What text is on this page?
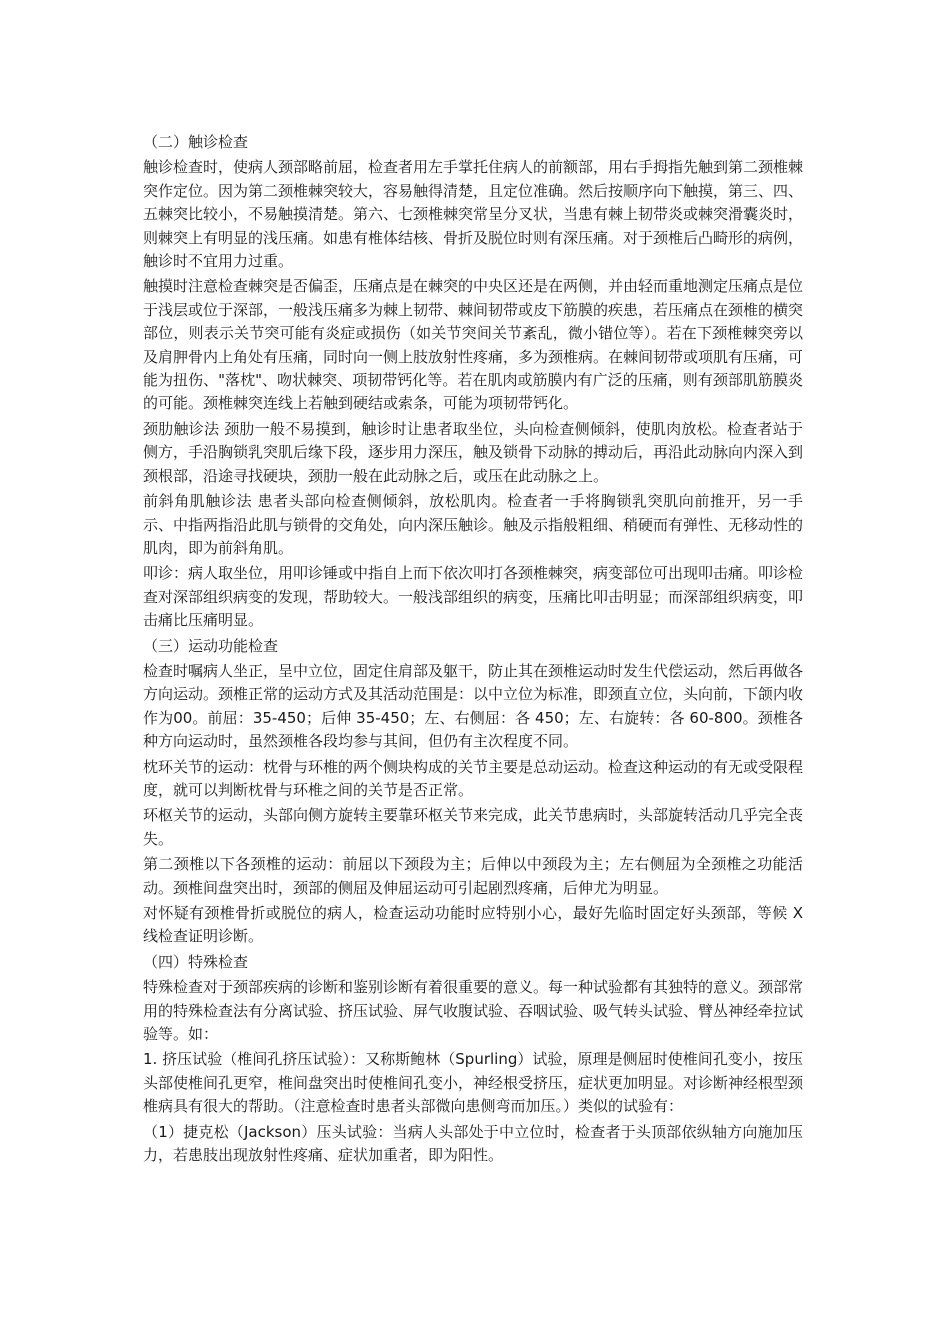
（二）触诊检查

触诊检查时，使病人颈部略前屈，检查者用左手掌托住病人的前额部，用右手拇指先触到第二颈椎棘突作定位。因为第二颈椎棘突较大，容易触得清楚，且定位准确。然后按顺序向下触摸，第三、四、五棘突比较小，不易触摸清楚。第六、七颈椎棘突常呈分叉状，当患有棘上韧带炎或棘突滑囊炎时，则棘突上有明显的浅压痛。如患有椎体结核、骨折及脱位时则有深压痛。对于颈椎后凸畸形的病例，触诊时不宜用力过重。

触摸时注意检查棘突是否偏歪，压痛点是在棘突的中央区还是在两侧，并由轻而重地测定压痛点是位于浅层或位于深部，一般浅压痛多为棘上韧带、棘间韧带或皮下筋膜的疾患，若压痛点在颈椎的横突部位，则表示关节突可能有炎症或损伤（如关节突间关节紊乱，微小错位等）。若在下颈椎棘突旁以及肩胛骨内上角处有压痛，同时向一侧上肢放射性疼痛，多为颈椎病。在棘间韧带或项肌有压痛，可能为扭伤、"落枕"、吻状棘突、项韧带钙化等。若在肌肉或筋膜内有广泛的压痛，则有颈部肌筋膜炎的可能。颈椎棘突连线上若触到硬结或索条，可能为项韧带钙化。

颈肋触诊法 颈肋一般不易摸到，触诊时让患者取坐位，头向检查侧倾斜，使肌肉放松。检查者站于侧方，手沿胸锁乳突肌后缘下段，逐步用力深压，触及锁骨下动脉的搏动后，再沿此动脉向内深入到颈根部，沿途寻找硬块，颈肋一般在此动脉之后，或压在此动脉之上。

前斜角肌触诊法 患者头部向检查侧倾斜，放松肌肉。检查者一手将胸锁乳突肌向前推开，另一手示、中指两指沿此肌与锁骨的交角处，向内深压触诊。触及示指般粗细、稍硬而有弹性、无移动性的肌肉，即为前斜角肌。

叩诊：病人取坐位，用叩诊锤或中指自上而下依次叩打各颈椎棘突，病变部位可出现叩击痛。叩诊检查对深部组织病变的发现，帮助较大。一般浅部组织的病变，压痛比叩击明显；而深部组织病变，叩击痛比压痛明显。

（三）运动功能检查

检查时嘱病人坐正，呈中立位，固定住肩部及躯干，防止其在颈椎运动时发生代偿运动，然后再做各方向运动。颈椎正常的运动方式及其活动范围是：以中立位为标准，即颈直立位，头向前，下颌内收作为00。前屈：35-450；后伸 35-450；左、右侧屈：各 450；左、右旋转：各 60-800。颈椎各种方向运动时，虽然颈椎各段均参与其间，但仍有主次程度不同。

枕环关节的运动：枕骨与环椎的两个侧块构成的关节主要是总动运动。检查这种运动的有无或受限程度，就可以判断枕骨与环椎之间的关节是否正常。

环枢关节的运动，头部向侧方旋转主要靠环枢关节来完成，此关节患病时，头部旋转活动几乎完全丧失。

第二颈椎以下各颈椎的运动：前屈以下颈段为主；后伸以中颈段为主；左右侧屈为全颈椎之功能活动。颈椎间盘突出时，颈部的侧屈及伸屈运动可引起剧烈疼痛，后伸尤为明显。

对怀疑有颈椎骨折或脱位的病人，检查运动功能时应特别小心，最好先临时固定好头颈部，等候 X 线检查证明诊断。

（四）特殊检查

特殊检查对于颈部疾病的诊断和鉴别诊断有着很重要的意义。每一种试验都有其独特的意义。颈部常用的特殊检查法有分离试验、挤压试验、屏气收腹试验、吞咽试验、吸气转头试验、臂丛神经牵拉试验等。如：

1. 挤压试验（椎间孔挤压试验）：又称斯鲍林（Spurling）试验，原理是侧屈时使椎间孔变小，按压头部使椎间孔更窄，椎间盘突出时使椎间孔变小，神经根受挤压，症状更加明显。对诊断神经根型颈椎病具有很大的帮助。（注意检查时患者头部微向患侧弯而加压。）类似的试验有：

（1）捷克松（Jackson）压头试验：当病人头部处于中立位时，检查者于头顶部依纵轴方向施加压力，若患肢出现放射性疼痛、症状加重者，即为阳性。
